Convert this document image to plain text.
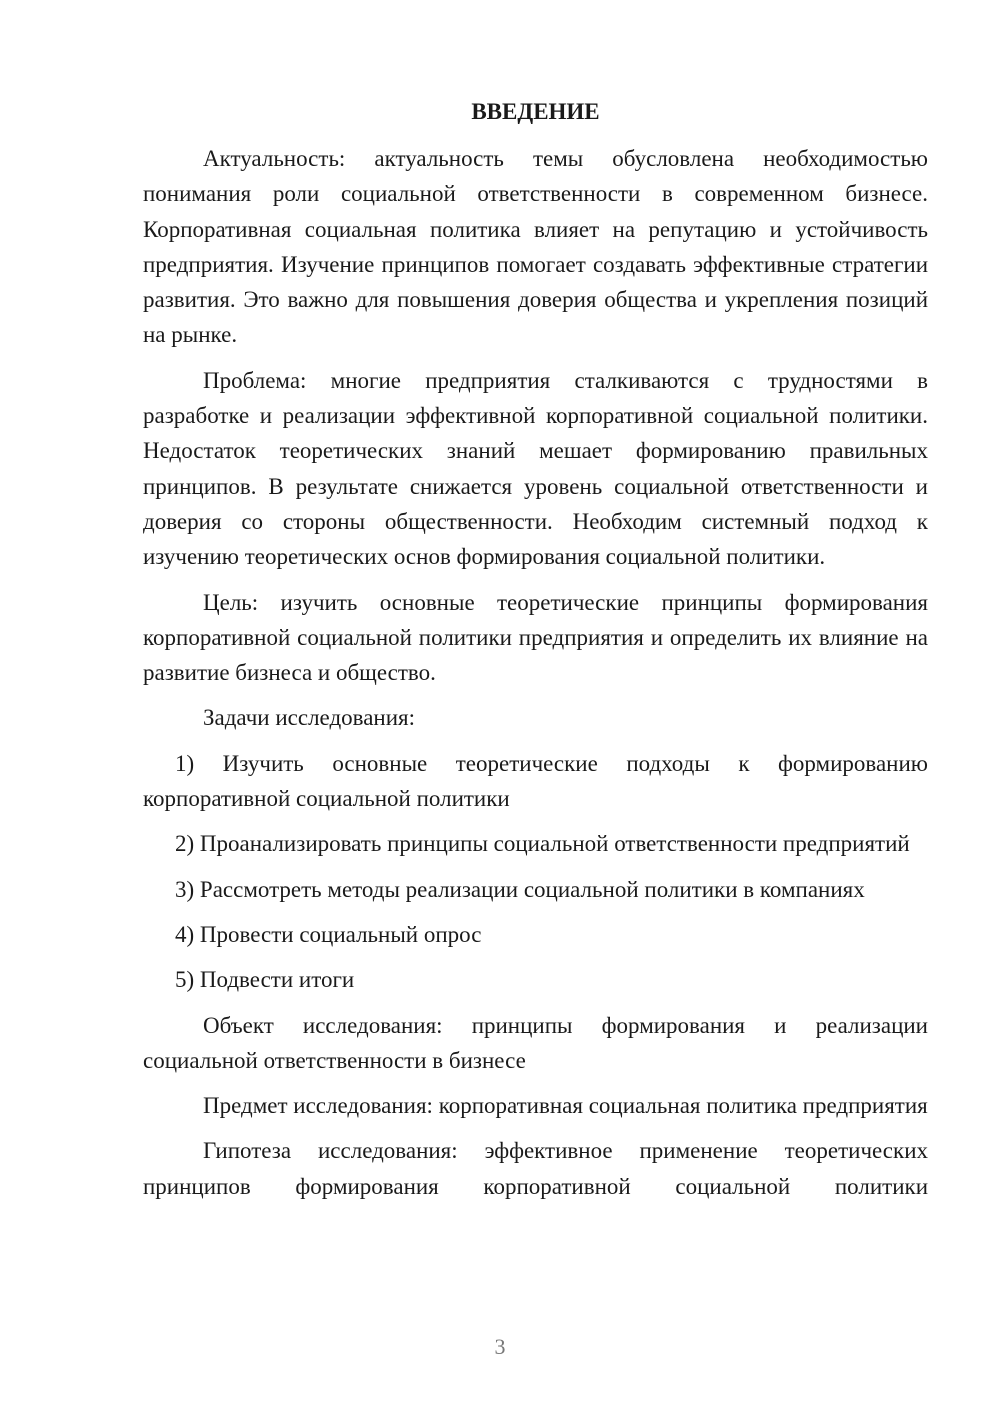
ВВЕДЕНИЕ

Актуальность: актуальность темы обусловлена необходимостью понимания роли социальной ответственности в современном бизнесе. Корпоративная социальная политика влияет на репутацию и устойчивость предприятия. Изучение принципов помогает создавать эффективные стратегии развития. Это важно для повышения доверия общества и укрепления позиций на рынке.

Проблема: многие предприятия сталкиваются с трудностями в разработке и реализации эффективной корпоративной социальной политики. Недостаток теоретических знаний мешает формированию правильных принципов. В результате снижается уровень социальной ответственности и доверия со стороны общественности. Необходим системный подход к изучению теоретических основ формирования социальной политики.

Цель: изучить основные теоретические принципы формирования корпоративной социальной политики предприятия и определить их влияние на развитие бизнеса и общество.

Задачи исследования:

1) Изучить основные теоретические подходы к формированию корпоративной социальной политики

2) Проанализировать принципы социальной ответственности предприятий

3) Рассмотреть методы реализации социальной политики в компаниях

4) Провести социальный опрос

5) Подвести итоги

Объект исследования: принципы формирования и реализации социальной ответственности в бизнесе

Предмет исследования: корпоративная социальная политика предприятия

Гипотеза исследования: эффективное применение теоретических принципов формирования корпоративной социальной политики

3
